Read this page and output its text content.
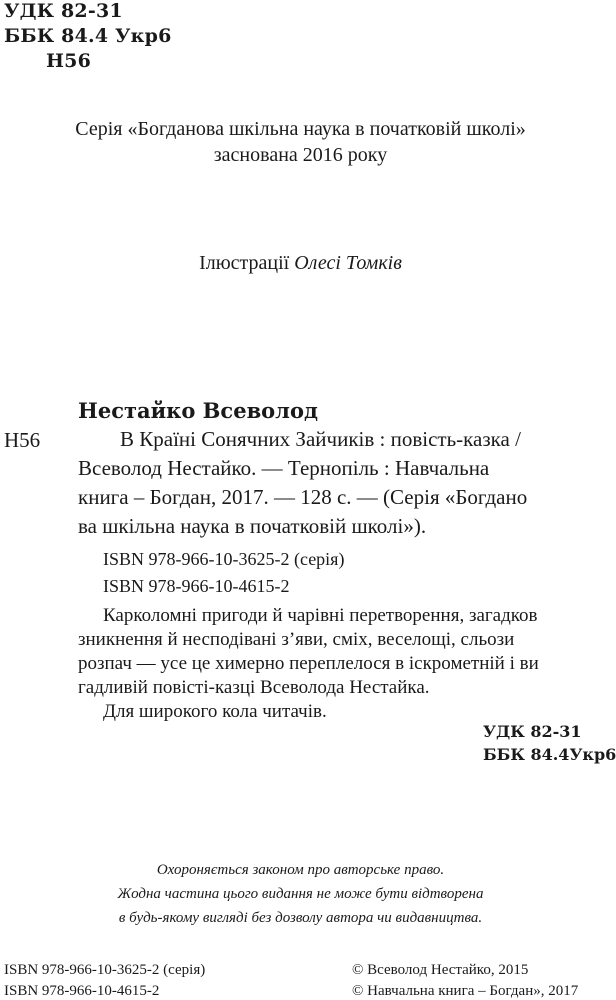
УДК 82-31
ББК 84.4 Укр6
Н56
Серія «Богданова шкільна наука в початковій школі»
заснована 2016 року
Ілюстрації Олесі Томків
Нестайко Всеволод
Н56	В Країні Сонячних Зайчиків : повість-казка /
Всеволод Нестайко. — Тернопіль : Навчальна
книга – Богдан, 2017. — 128 с. — (Серія «Богдано
ва шкільна наука в початковій школі»).
ISBN 978-966-10-3625-2 (серія)
ISBN 978-966-10-4615-2
Карколомні пригоди й чарівні перетворення, загадков
зникнення й несподівані з’яви, сміх, веселощі, сльози
розпач — усе це химерно переплелося в іскрометній і ви
гадливій повісті-казці Всеволода Нестайка.
Для широкого кола читачів.
УДК 82-31
ББК 84.4Укр6
Охороняється законом про авторське право.
Жодна частина цього видання не може бути відтворена
в будь-якому вигляді без дозволу автора чи видавництва.
ISBN 978-966-10-3625-2 (серія)
ISBN 978-966-10-4615-2
© Всеволод Нестайко, 2015
© Навчальна книга – Богдан», 2017
